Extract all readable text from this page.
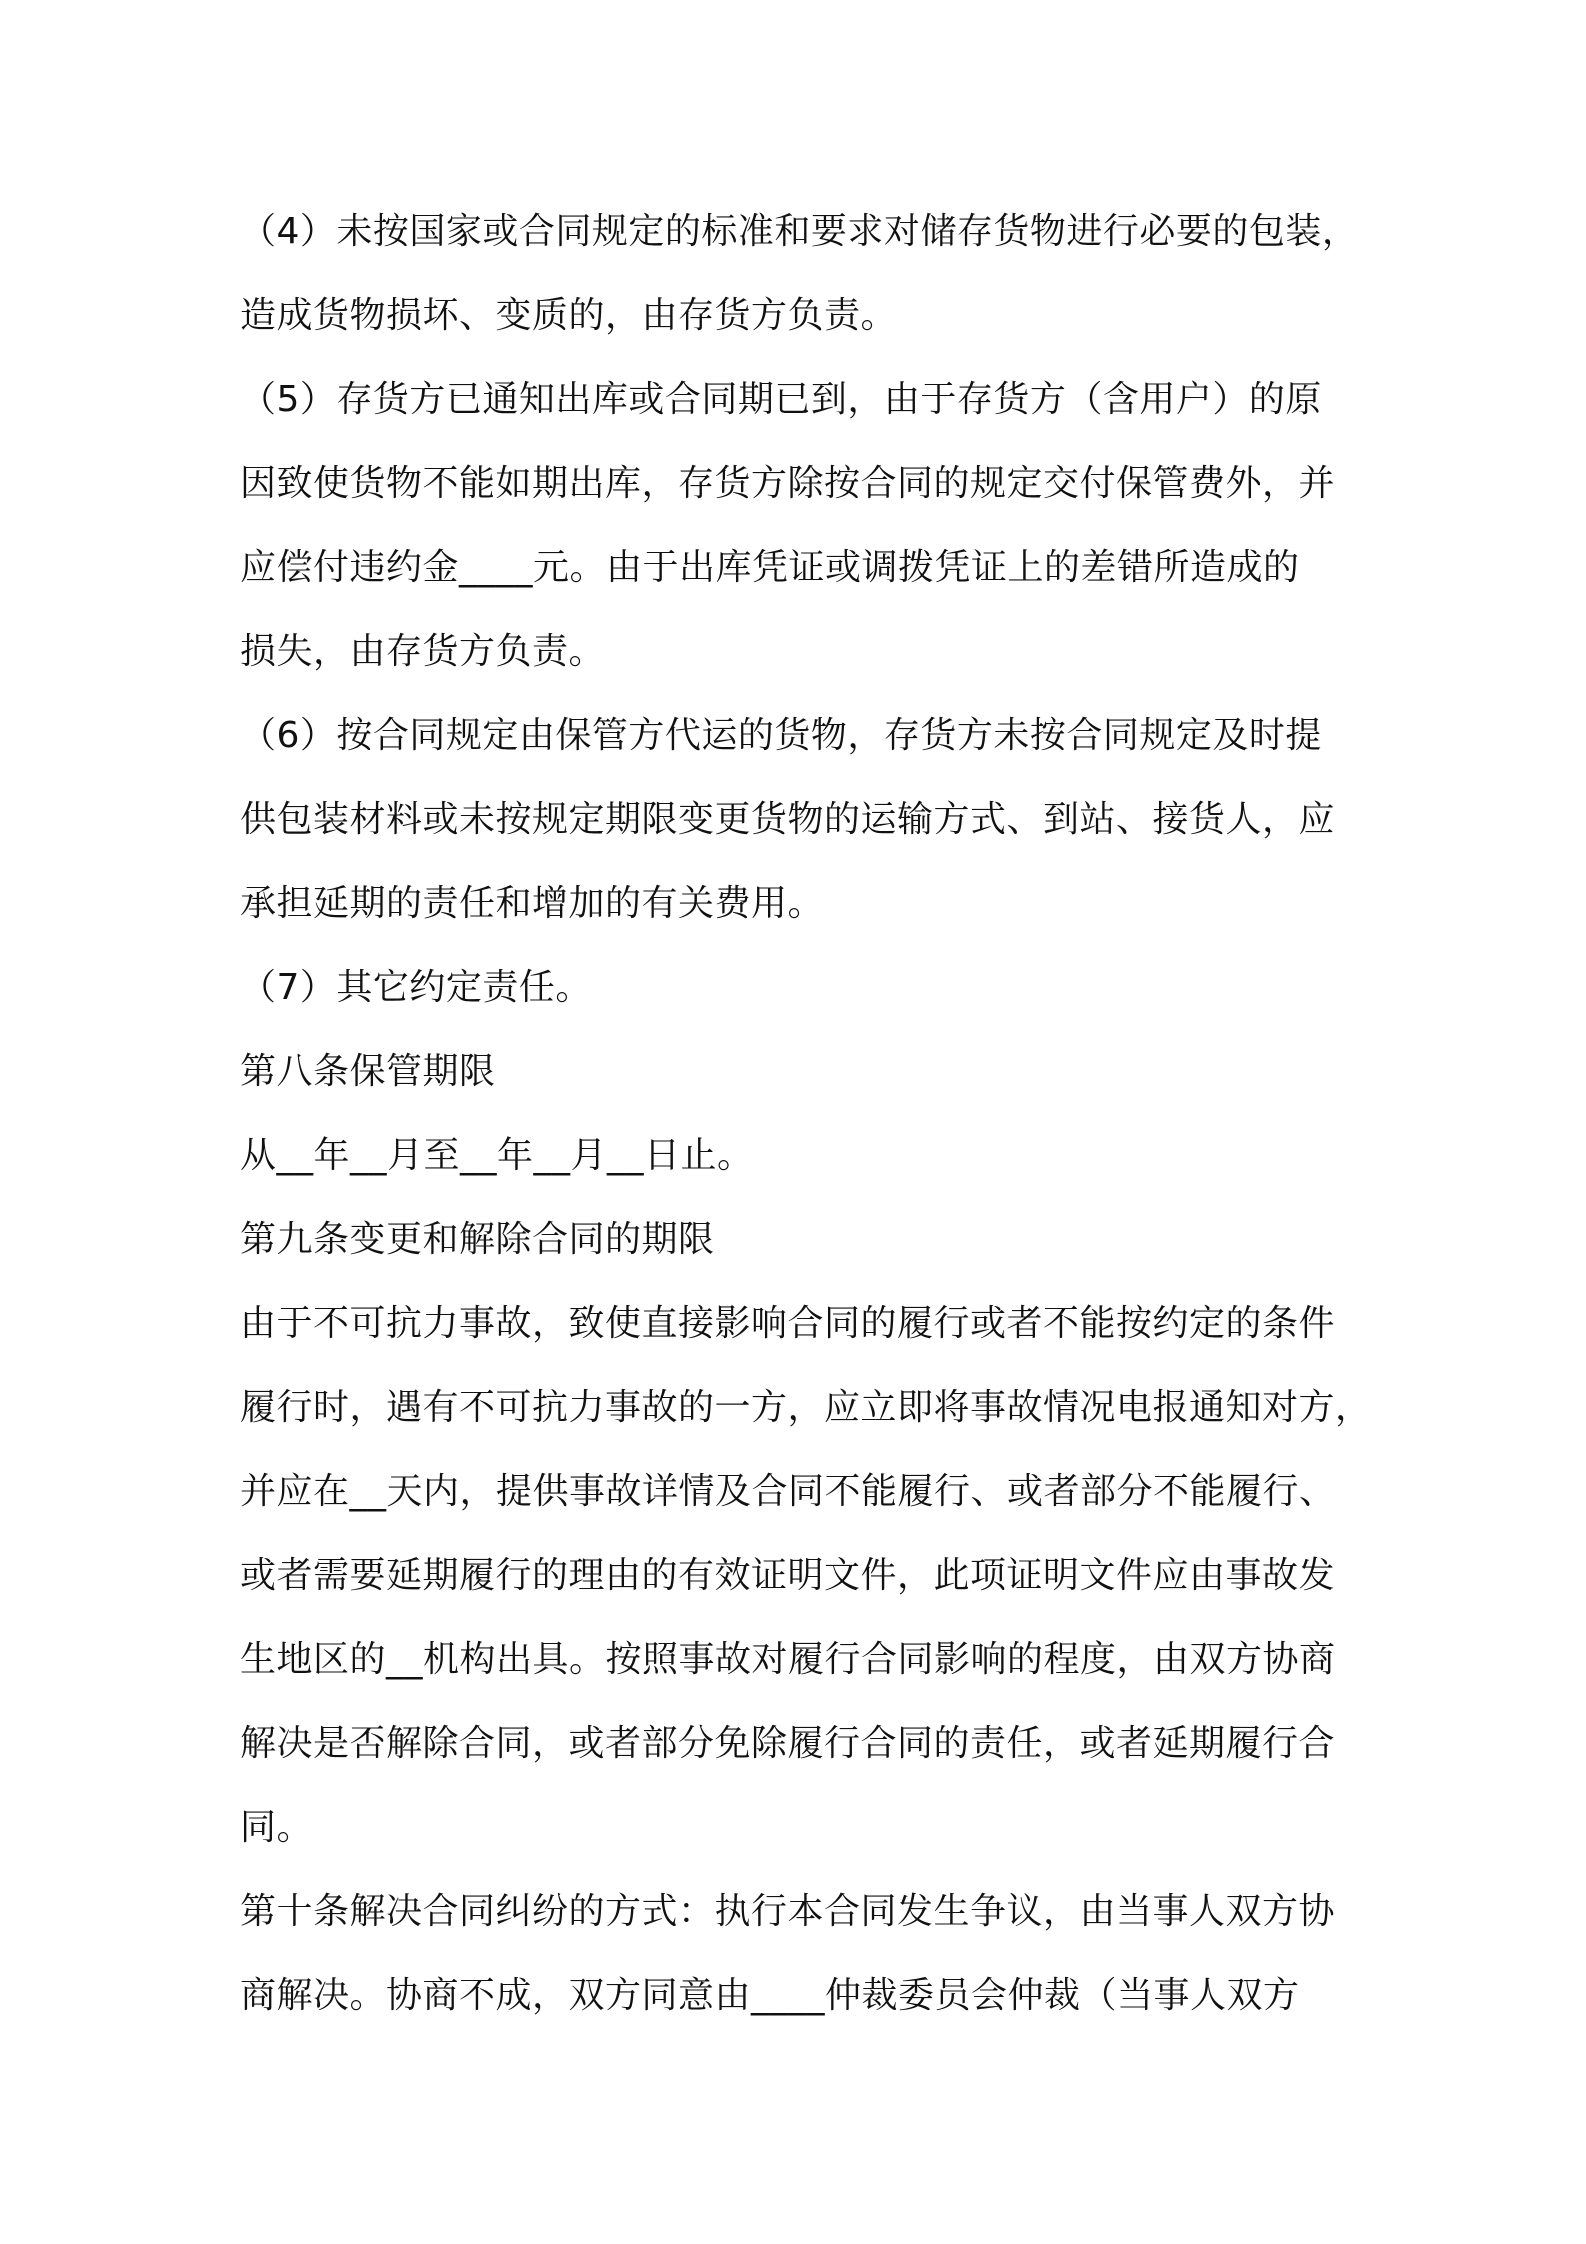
（4）未按国家或合同规定的标准和要求对储存货物进行必要的包装，
造成货物损坏、变质的，由存货方负责。
（5）存货方已通知出库或合同期已到，由于存货方（含用户）的原
因致使货物不能如期出库，存货方除按合同的规定交付保管费外，并
应偿付违约金____元。由于出库凭证或调拨凭证上的差错所造成的
损失，由存货方负责。
（6）按合同规定由保管方代运的货物，存货方未按合同规定及时提
供包装材料或未按规定期限变更货物的运输方式、到站、接货人，应
承担延期的责任和增加的有关费用。
（7）其它约定责任。
第八条保管期限
从__年__月至__年__月__日止。
第九条变更和解除合同的期限
由于不可抗力事故，致使直接影响合同的履行或者不能按约定的条件
履行时，遇有不可抗力事故的一方，应立即将事故情况电报通知对方，
并应在__天内，提供事故详情及合同不能履行、或者部分不能履行、
或者需要延期履行的理由的有效证明文件，此项证明文件应由事故发
生地区的__机构出具。按照事故对履行合同影响的程度，由双方协商
解决是否解除合同，或者部分免除履行合同的责任，或者延期履行合
同。
第十条解决合同纠纷的方式：执行本合同发生争议，由当事人双方协
商解决。协商不成，双方同意由____仲裁委员会仲裁（当事人双方
